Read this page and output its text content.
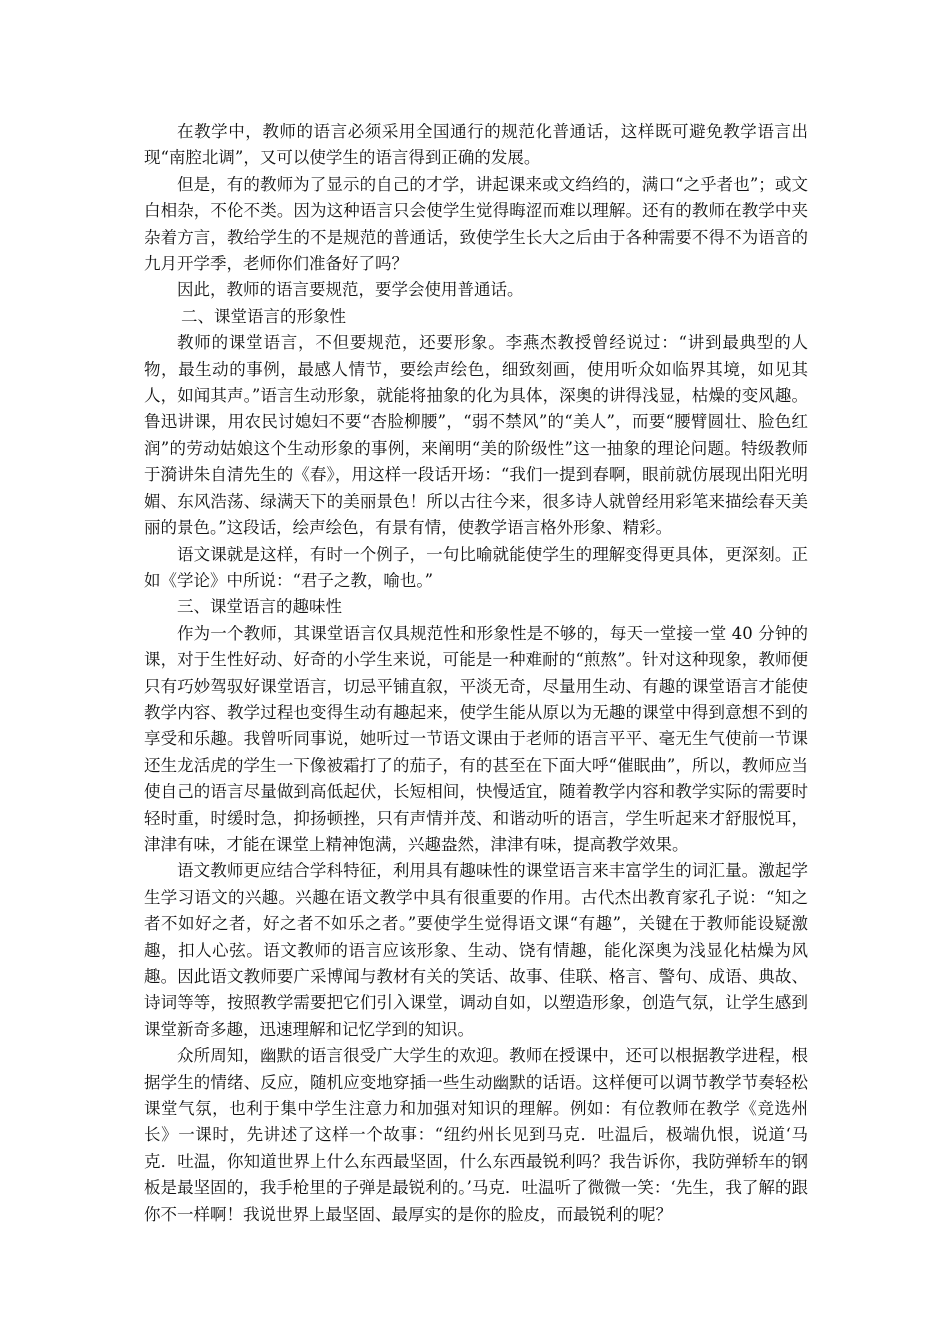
在教学中，教师的语言必须采用全国通行的规范化普通话，这样既可避免教学语言出现“南腔北调”，又可以使学生的语言得到正确的发展。

但是，有的教师为了显示的自己的才学，讲起课来或文绉绉的，满口“之乎者也”；或文白相杂，不伦不类。因为这种语言只会使学生觉得晦涩而难以理解。还有的教师在教学中夹杂着方言，教给学生的不是规范的普通话，致使学生长大之后由于各种需要不得不为语音的九月开学季，老师你们准备好了吗？

因此，教师的语言要规范，要学会使用普通话。

二、课堂语言的形象性

教师的课堂语言，不但要规范，还要形象。李燕杰教授曾经说过：“讲到最典型的人物，最生动的事例，最感人情节，要绘声绘色，细致刻画，使用听众如临界其境，如见其人，如闻其声。”语言生动形象，就能将抽象的化为具体，深奥的讲得浅显，枯燥的变风趣。鲁迅讲课，用农民讨媳妇不要“杏脸柳腰”，“弱不禁风”的“美人”，而要“腰臂圆壮、脸色红润”的劳动姑娘这个生动形象的事例，来阐明“美的阶级性”这一抽象的理论问题。特级教师于漪讲朱自清先生的《春》，用这样一段话开场：“我们一提到春啊，眼前就仿展现出阳光明媚、东风浩荡、绿满天下的美丽景色！所以古往今来，很多诗人就曾经用彩笔来描绘春天美丽的景色。”这段话，绘声绘色，有景有情，使教学语言格外形象、精彩。

语文课就是这样，有时一个例子，一句比喻就能使学生的理解变得更具体，更深刻。正如《学论》中所说：“君子之教，喻也。”

三、课堂语言的趣味性

作为一个教师，其课堂语言仅具规范性和形象性是不够的，每天一堂接一堂 40 分钟的课，对于生性好动、好奇的小学生来说，可能是一种难耐的“煎熬”。针对这种现象，教师便只有巧妙驾驭好课堂语言，切忌平铺直叙，平淡无奇，尽量用生动、有趣的课堂语言才能使教学内容、教学过程也变得生动有趣起来，使学生能从原以为无趣的课堂中得到意想不到的享受和乐趣。我曾听同事说，她听过一节语文课由于老师的语言平平、毫无生气使前一节课还生龙活虎的学生一下像被霜打了的茄子，有的甚至在下面大呼“催眠曲”，所以，教师应当使自己的语言尽量做到高低起伏，长短相间，快慢适宜，随着教学内容和教学实际的需要时轻时重，时缓时急，抑扬顿挫，只有声情并茂、和谐动听的语言，学生听起来才舒服悦耳，津津有味，才能在课堂上精神饱满，兴趣盎然，津津有味，提高教学效果。

语文教师更应结合学科特征，利用具有趣味性的课堂语言来丰富学生的词汇量。激起学生学习语文的兴趣。兴趣在语文教学中具有很重要的作用。古代杰出教育家孔子说：“知之者不如好之者，好之者不如乐之者。”要使学生觉得语文课“有趣”，关键在于教师能设疑激趣，扣人心弦。语文教师的语言应该形象、生动、饶有情趣，能化深奥为浅显化枯燥为风趣。因此语文教师要广采博闻与教材有关的笑话、故事、佳联、格言、警句、成语、典故、诗词等等，按照教学需要把它们引入课堂，调动自如，以塑造形象，创造气氛，让学生感到课堂新奇多趣，迅速理解和记忆学到的知识。

众所周知，幽默的语言很受广大学生的欢迎。教师在授课中，还可以根据教学进程，根据学生的情绪、反应，随机应变地穿插一些生动幽默的话语。这样便可以调节教学节奏轻松课堂气氛，也利于集中学生注意力和加强对知识的理解。例如：有位教师在教学《竞选州长》一课时，先讲述了这样一个故事：“纽约州长见到马克．吐温后，极端仇恨，说道‘马克．吐温，你知道世界上什么东西最坚固，什么东西最锐利吗？我告诉你，我防弹轿车的钢板是最坚固的，我手枪里的子弹是最锐利的。’马克．吐温听了微微一笑：‘先生，我了解的跟你不一样啊！我说世界上最坚固、最厚实的是你的脸皮，而最锐利的呢？
